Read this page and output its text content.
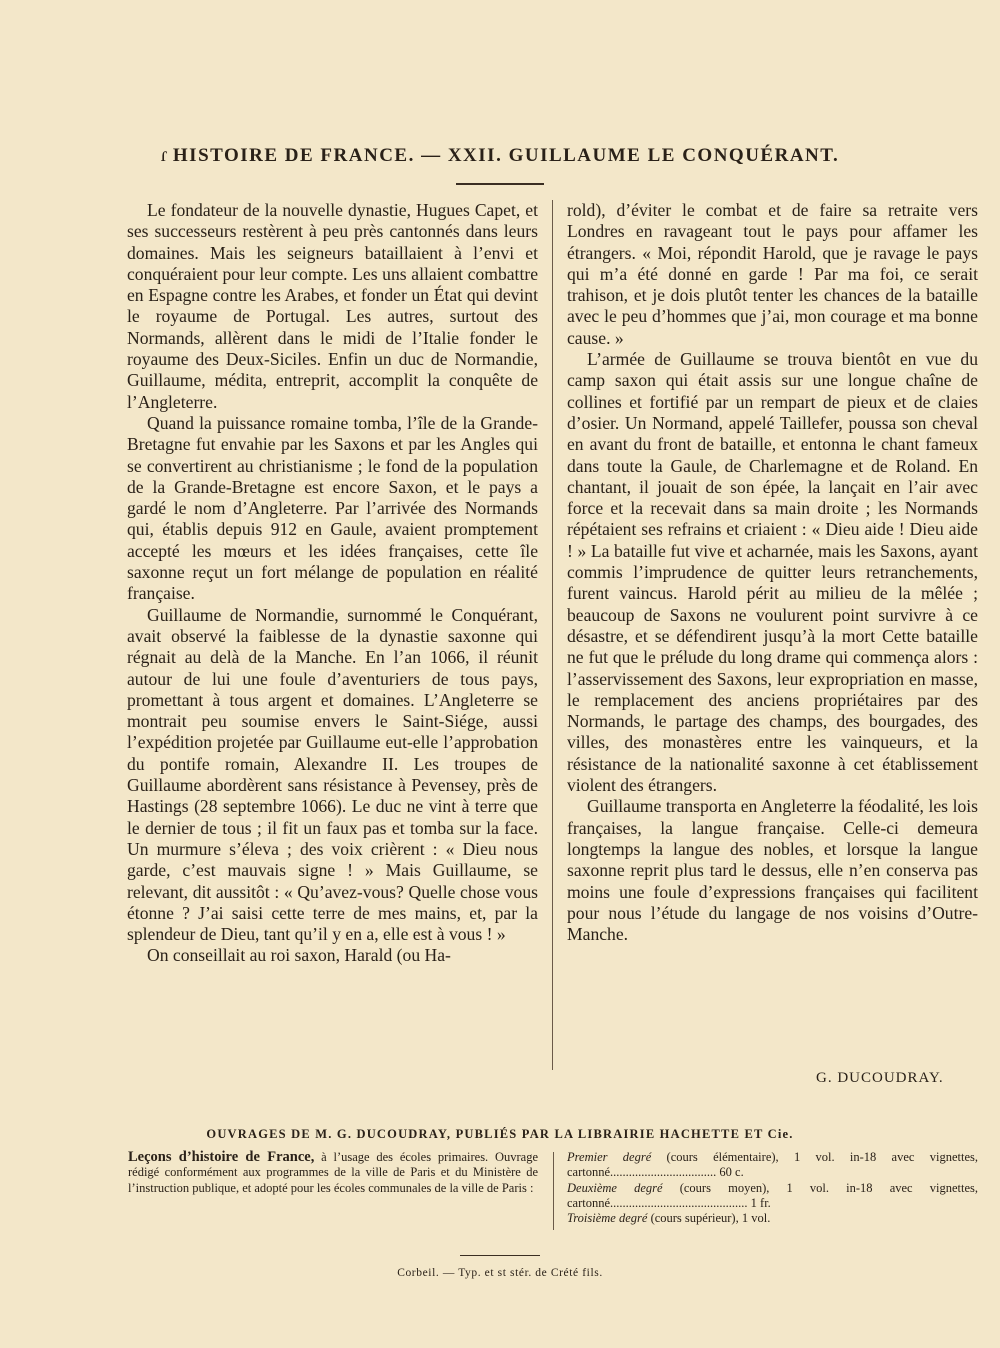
ɾ HISTOIRE DE FRANCE. — XXII. GUILLAUME LE CONQUÉRANT.

Le fondateur de la nouvelle dynastie, Hugues Capet, et ses successeurs restèrent à peu près cantonnés dans leurs domaines. Mais les seigneurs bataillaient à l’envi et conquéraient pour leur compte. Les uns allaient combattre en Espagne contre les Arabes, et fonder un État qui devint le royaume de Portugal. Les autres, surtout des Normands, allèrent dans le midi de l’Italie fonder le royaume des Deux-Siciles. Enfin un duc de Normandie, Guillaume, médita, entreprit, accomplit la conquête de l’Angleterre.

Quand la puissance romaine tomba, l’île de la Grande-Bretagne fut envahie par les Saxons et par les Angles qui se convertirent au christianisme ; le fond de la population de la Grande-Bretagne est encore Saxon, et le pays a gardé le nom d’Angleterre. Par l’arrivée des Normands qui, établis depuis 912 en Gaule, avaient promptement accepté les mœurs et les idées françaises, cette île saxonne reçut un fort mélange de population en réalité française.

Guillaume de Normandie, surnommé le Conquérant, avait observé la faiblesse de la dynastie saxonne qui régnait au delà de la Manche. En l’an 1066, il réunit autour de lui une foule d’aventuriers de tous pays, promettant à tous argent et domaines. L’Angleterre se montrait peu soumise envers le Saint-Siége, aussi l’expédition projetée par Guillaume eut-elle l’approbation du pontife romain, Alexandre II. Les troupes de Guillaume abordèrent sans résistance à Pevensey, près de Hastings (28 septembre 1066). Le duc ne vint à terre que le dernier de tous ; il fit un faux pas et tomba sur la face. Un murmure s’éleva ; des voix crièrent : « Dieu nous garde, c’est mauvais signe ! » Mais Guillaume, se relevant, dit aussitôt : « Qu’avez-vous? Quelle chose vous étonne ? J’ai saisi cette terre de mes mains, et, par la splendeur de Dieu, tant qu’il y en a, elle est à vous ! »

On conseillait au roi saxon, Harald (ou Ha-

rold), d’éviter le combat et de faire sa retraite vers Londres en ravageant tout le pays pour affamer les étrangers. « Moi, répondit Harold, que je ravage le pays qui m’a été donné en garde ! Par ma foi, ce serait trahison, et je dois plutôt tenter les chances de la bataille avec le peu d’hommes que j’ai, mon courage et ma bonne cause. »

L’armée de Guillaume se trouva bientôt en vue du camp saxon qui était assis sur une longue chaîne de collines et fortifié par un rempart de pieux et de claies d’osier. Un Normand, appelé Taillefer, poussa son cheval en avant du front de bataille, et entonna le chant fameux dans toute la Gaule, de Charlemagne et de Roland. En chantant, il jouait de son épée, la lançait en l’air avec force et la recevait dans sa main droite ; les Normands répétaient ses refrains et criaient : « Dieu aide ! Dieu aide ! » La bataille fut vive et acharnée, mais les Saxons, ayant commis l’imprudence de quitter leurs retranchements, furent vaincus. Harold périt au milieu de la mêlée ; beaucoup de Saxons ne voulurent point survivre à ce désastre, et se défendirent jusqu’à la mort Cette bataille ne fut que le prélude du long drame qui commença alors : l’asservissement des Saxons, leur expropriation en masse, le remplacement des anciens propriétaires par des Normands, le partage des champs, des bourgades, des villes, des monastères entre les vainqueurs, et la résistance de la nationalité saxonne à cet établissement violent des étrangers.

Guillaume transporta en Angleterre la féodalité, les lois françaises, la langue française. Celle-ci demeura longtemps la langue des nobles, et lorsque la langue saxonne reprit plus tard le dessus, elle n’en conserva pas moins une foule d’expressions françaises qui facilitent pour nous l’étude du langage de nos voisins d’Outre-Manche.

G. DUCOUDRAY.
OUVRAGES DE M. G. DUCOUDRAY, PUBLIÉS PAR LA LIBRAIRIE HACHETTE ET Cie.
Leçons d’histoire de France, à l’usage des écoles primaires. Ouvrage rédigé conformément aux programmes de la ville de Paris et du Ministère de l’instruction publique, et adopté pour les écoles communales de la ville de Paris :
Premier degré (cours élémentaire), 1 vol. in-18 avec vignettes, cartonné.................................. 60 c.
Deuxième degré (cours moyen), 1 vol. in-18 avec vignettes, cartonné............................................ 1 fr.
Troisième degré (cours supérieur), 1 vol.
Corbeil. — Typ. et st stér. de Crété fils.
